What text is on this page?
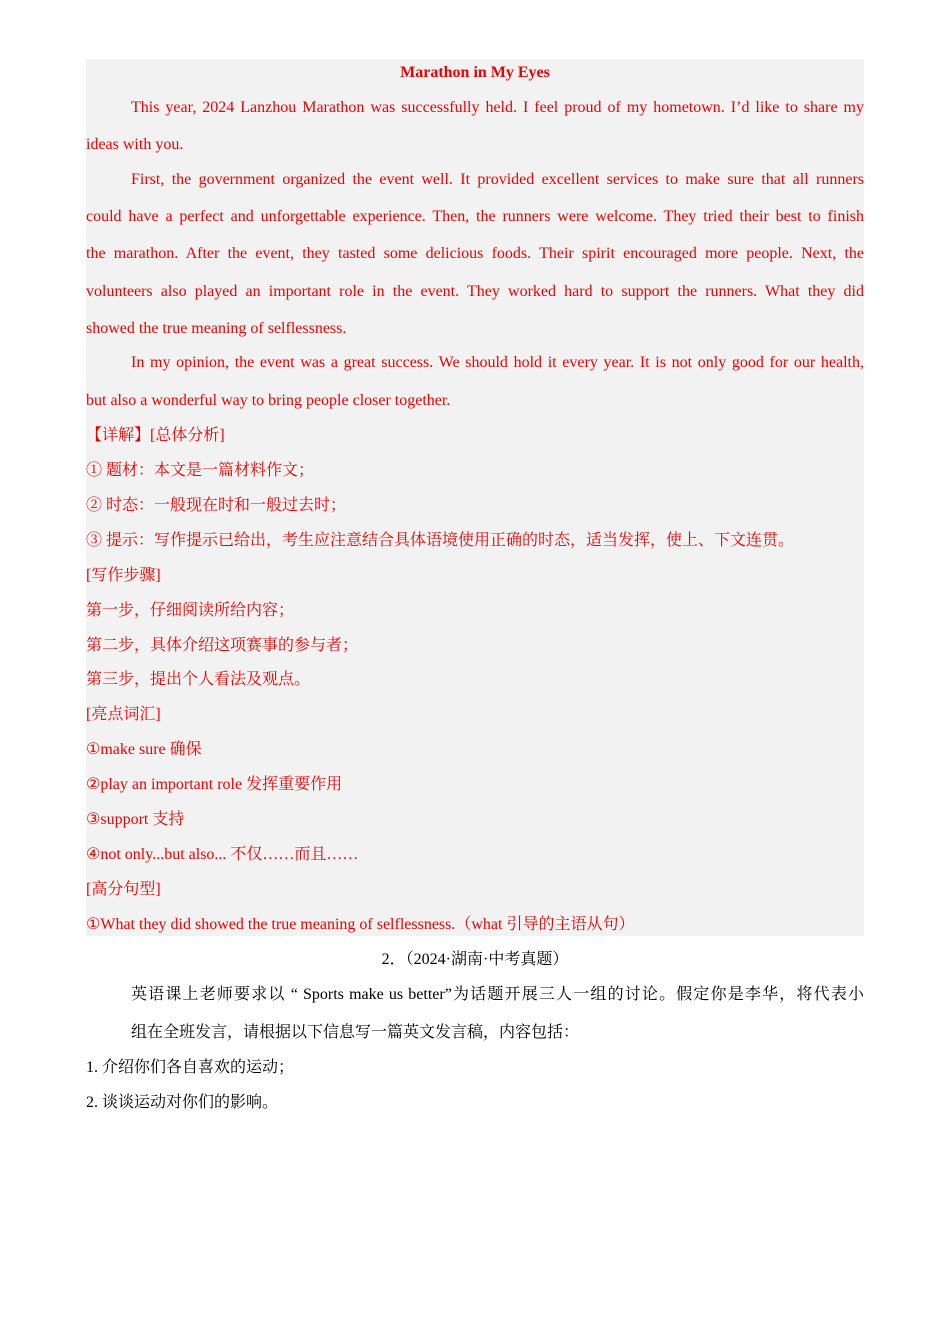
Marathon in My Eyes
This year, 2024 Lanzhou Marathon was successfully held. I feel proud of my hometown. I’d like to share my
ideas with you.
First, the government organized the event well. It provided excellent services to make sure that all runners
could have a perfect and unforgettable experience. Then, the runners were welcome. They tried their best to finish
the marathon. After the event, they tasted some delicious foods. Their spirit encouraged more people. Next, the
volunteers also played an important role in the event. They worked hard to support the runners. What they did
showed the true meaning of selflessness.
In my opinion, the event was a great success. We should hold it every year. It is not only good for our health,
but also a wonderful way to bring people closer together.
【详解】[总体分析]
① 题材：本文是一篇材料作文；
② 时态：一般现在时和一般过去时；
③ 提示：写作提示已给出，考生应注意结合具体语境使用正确的时态，适当发挥，使上、下文连贯。
[写作步骤]
第一步，仔细阅读所给内容；
第二步，具体介绍这项赛事的参与者；
第三步，提出个人看法及观点。
[亮点词汇]
①make sure 确保
②play an important role 发挥重要作用
③support 支持
④not only...but also... 不仅……而且……
[高分句型]
①What they did showed the true meaning of selflessness.（what 引导的主语从句）
2．（2024·湖南·中考真题）
英语课上老师要求以 “ Sports make us better”为话题开展三人一组的讨论。假定你是李华，将代表小
组在全班发言，请根据以下信息写一篇英文发言稿，内容包括：
1. 介绍你们各自喜欢的运动；
2. 谈谈运动对你们的影响。
